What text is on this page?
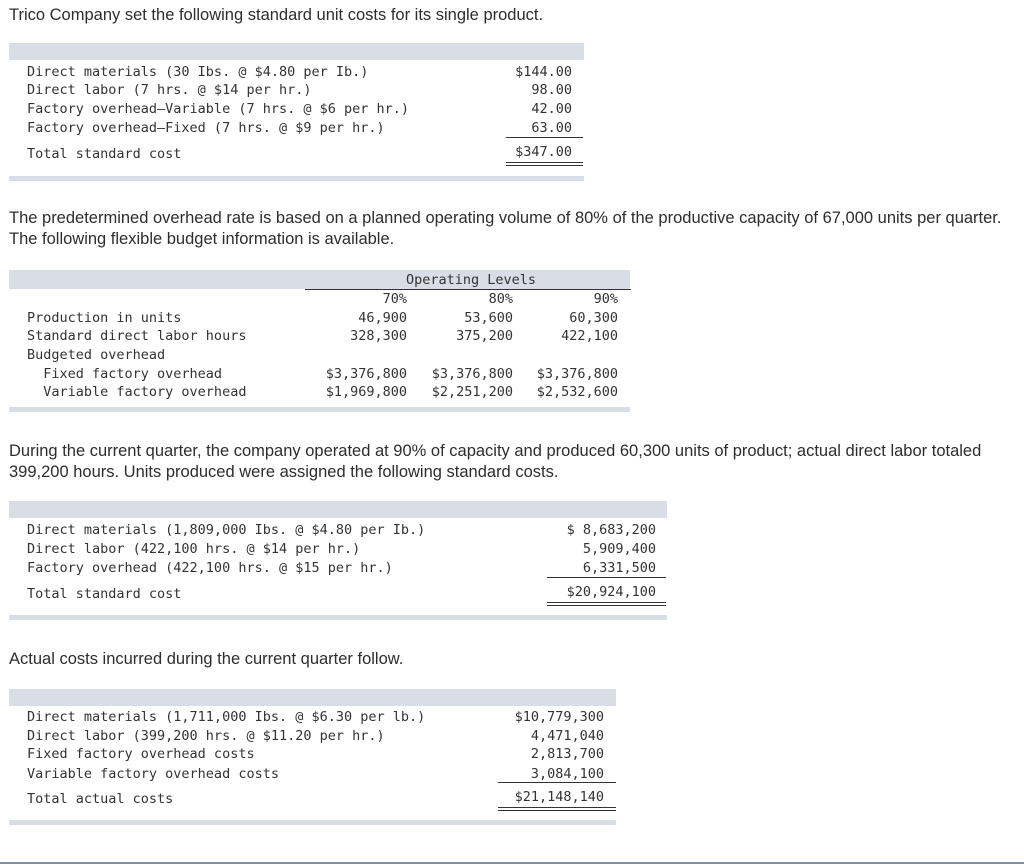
Trico Company set the following standard unit costs for its single product.
Direct materials (30 Ibs. @ $4.80 per Ib.)	$144.00
Direct labor (7 hrs. @ $14 per hr.)	98.00
Factory overhead—Variable (7 hrs. @ $6 per hr.)	42.00
Factory overhead—Fixed (7 hrs. @ $9 per hr.)	63.00
Total standard cost	$347.00
The predetermined overhead rate is based on a planned operating volume of 80% of the productive capacity of 67,000 units per quarter. The following flexible budget information is available.
Operating Levels
70%	80%	90%
Production in units	46,900	53,600	60,300
Standard direct labor hours	328,300	375,200	422,100
Budgeted overhead
Fixed factory overhead	$3,376,800	$3,376,800	$3,376,800
Variable factory overhead	$1,969,800	$2,251,200	$2,532,600
During the current quarter, the company operated at 90% of capacity and produced 60,300 units of product; actual direct labor totaled 399,200 hours. Units produced were assigned the following standard costs.
Direct materials (1,809,000 Ibs. @ $4.80 per Ib.)	$ 8,683,200
Direct labor (422,100 hrs. @ $14 per hr.)	5,909,400
Factory overhead (422,100 hrs. @ $15 per hr.)	6,331,500
Total standard cost	$20,924,100
Actual costs incurred during the current quarter follow.
Direct materials (1,711,000 Ibs. @ $6.30 per lb.)	$10,779,300
Direct labor (399,200 hrs. @ $11.20 per hr.)	4,471,040
Fixed factory overhead costs	2,813,700
Variable factory overhead costs	3,084,100
Total actual costs	$21,148,140
